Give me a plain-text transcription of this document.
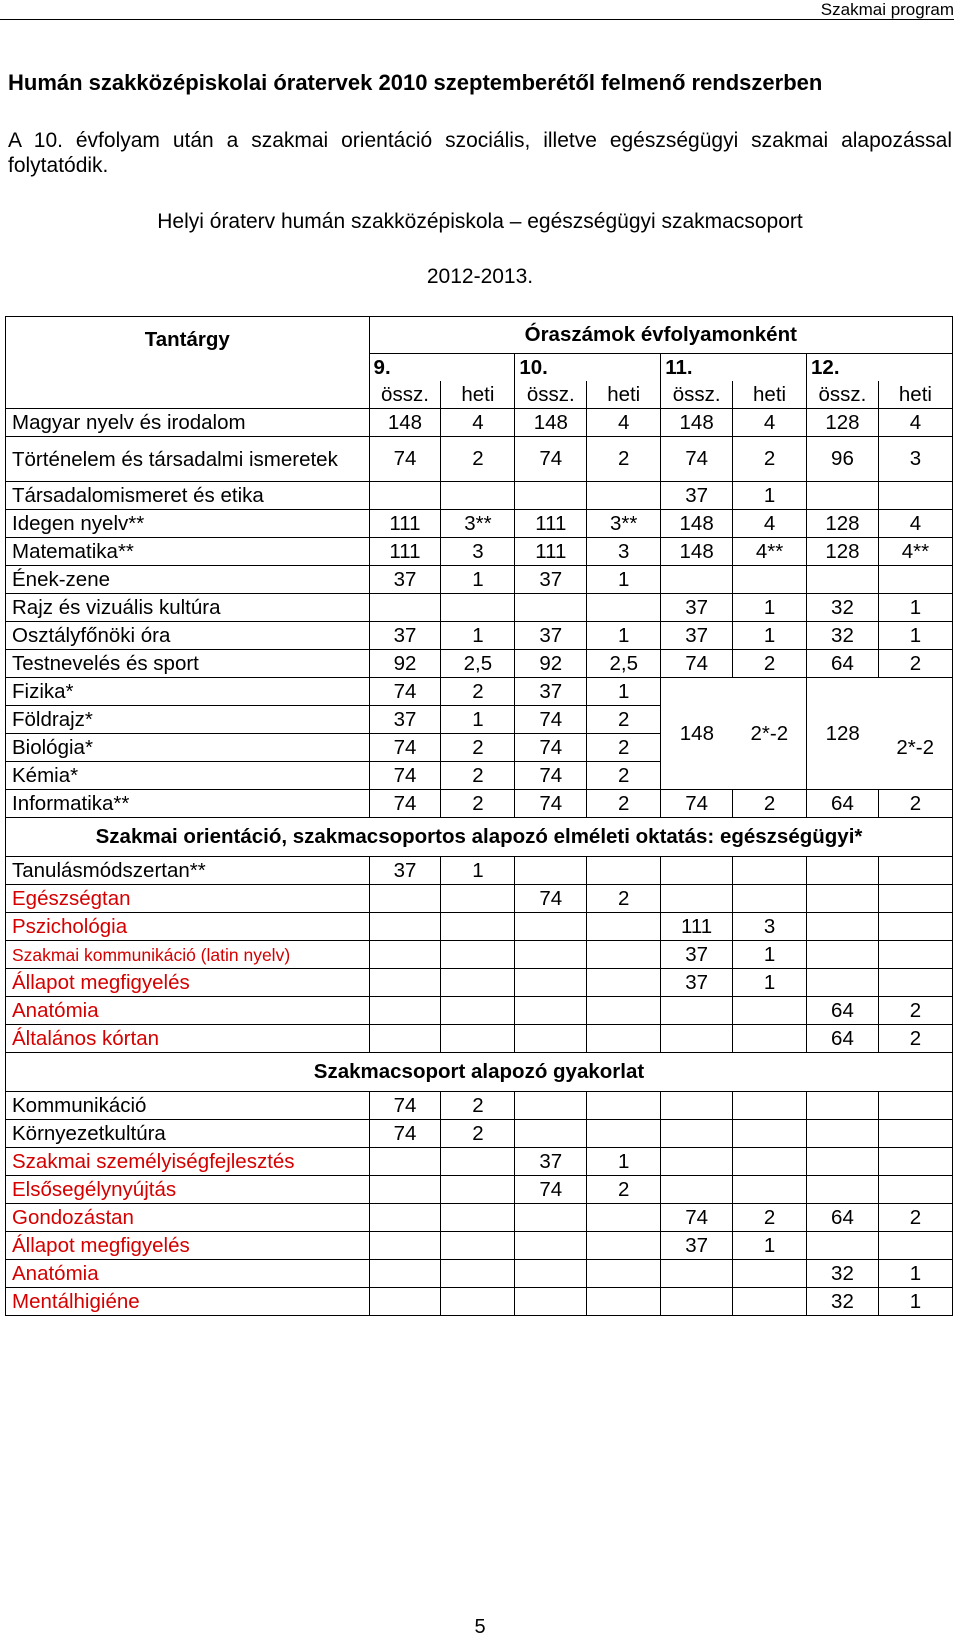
Szakmai program
Humán szakközépiskolai óratervek 2010 szeptemberétől felmenő rendszerben

A 10. évfolyam után a szakmai orientáció szociális, illetve egészségügyi szakmai alapozással folytatódik.

Helyi óraterv humán szakközépiskola – egészségügyi szakmacsoport

2012-2013.

Tantárgy	Óraszámok évfolyamonként							
	9.		10.		11.		12.	
	össz.	heti	össz.	heti	össz.	heti	össz.	heti
Magyar nyelv és irodalom	148	4	148	4	148	4	128	4
Történelem és társadalmi ismeretek	74	2	74	2	74	2	96	3
Társadalomismeret és etika					37	1		
Idegen nyelv**	111	3**	111	3**	148	4	128	4
Matematika**	111	3	111	3	148	4**	128	4**
Ének-zene	37	1	37	1				
Rajz és vizuális kultúra					37	1	32	1
Osztályfőnöki óra	37	1	37	1	37	1	32	1
Testnevelés és sport	92	2,5	92	2,5	74	2	64	2
Fizika*	74	2	37	1	148	2*-2	128	2*-2
Földrajz*	37	1	74	2				
Biológia*	74	2	74	2				
Kémia*	74	2	74	2				
Informatika**	74	2	74	2	74	2	64	2
Szakmai orientáció, szakmacsoportos alapozó elméleti oktatás: egészségügyi*								
Tanulásmódszertan**	37	1						
Egészségtan			74	2				
Pszichológia					111	3		
Szakmai kommunikáció (latin nyelv)					37	1		
Állapot megfigyelés					37	1		
Anatómia							64	2
Általános kórtan							64	2
Szakmacsoport alapozó gyakorlat								
Kommunikáció	74	2						
Környezetkultúra	74	2						
Szakmai személyiségfejlesztés			37	1				
Elsősegélynyújtás			74	2				
Gondozástan					74	2	64	2
Állapot megfigyelés					37	1		
Anatómia							32	1
Mentálhigiéne							32	1
5
